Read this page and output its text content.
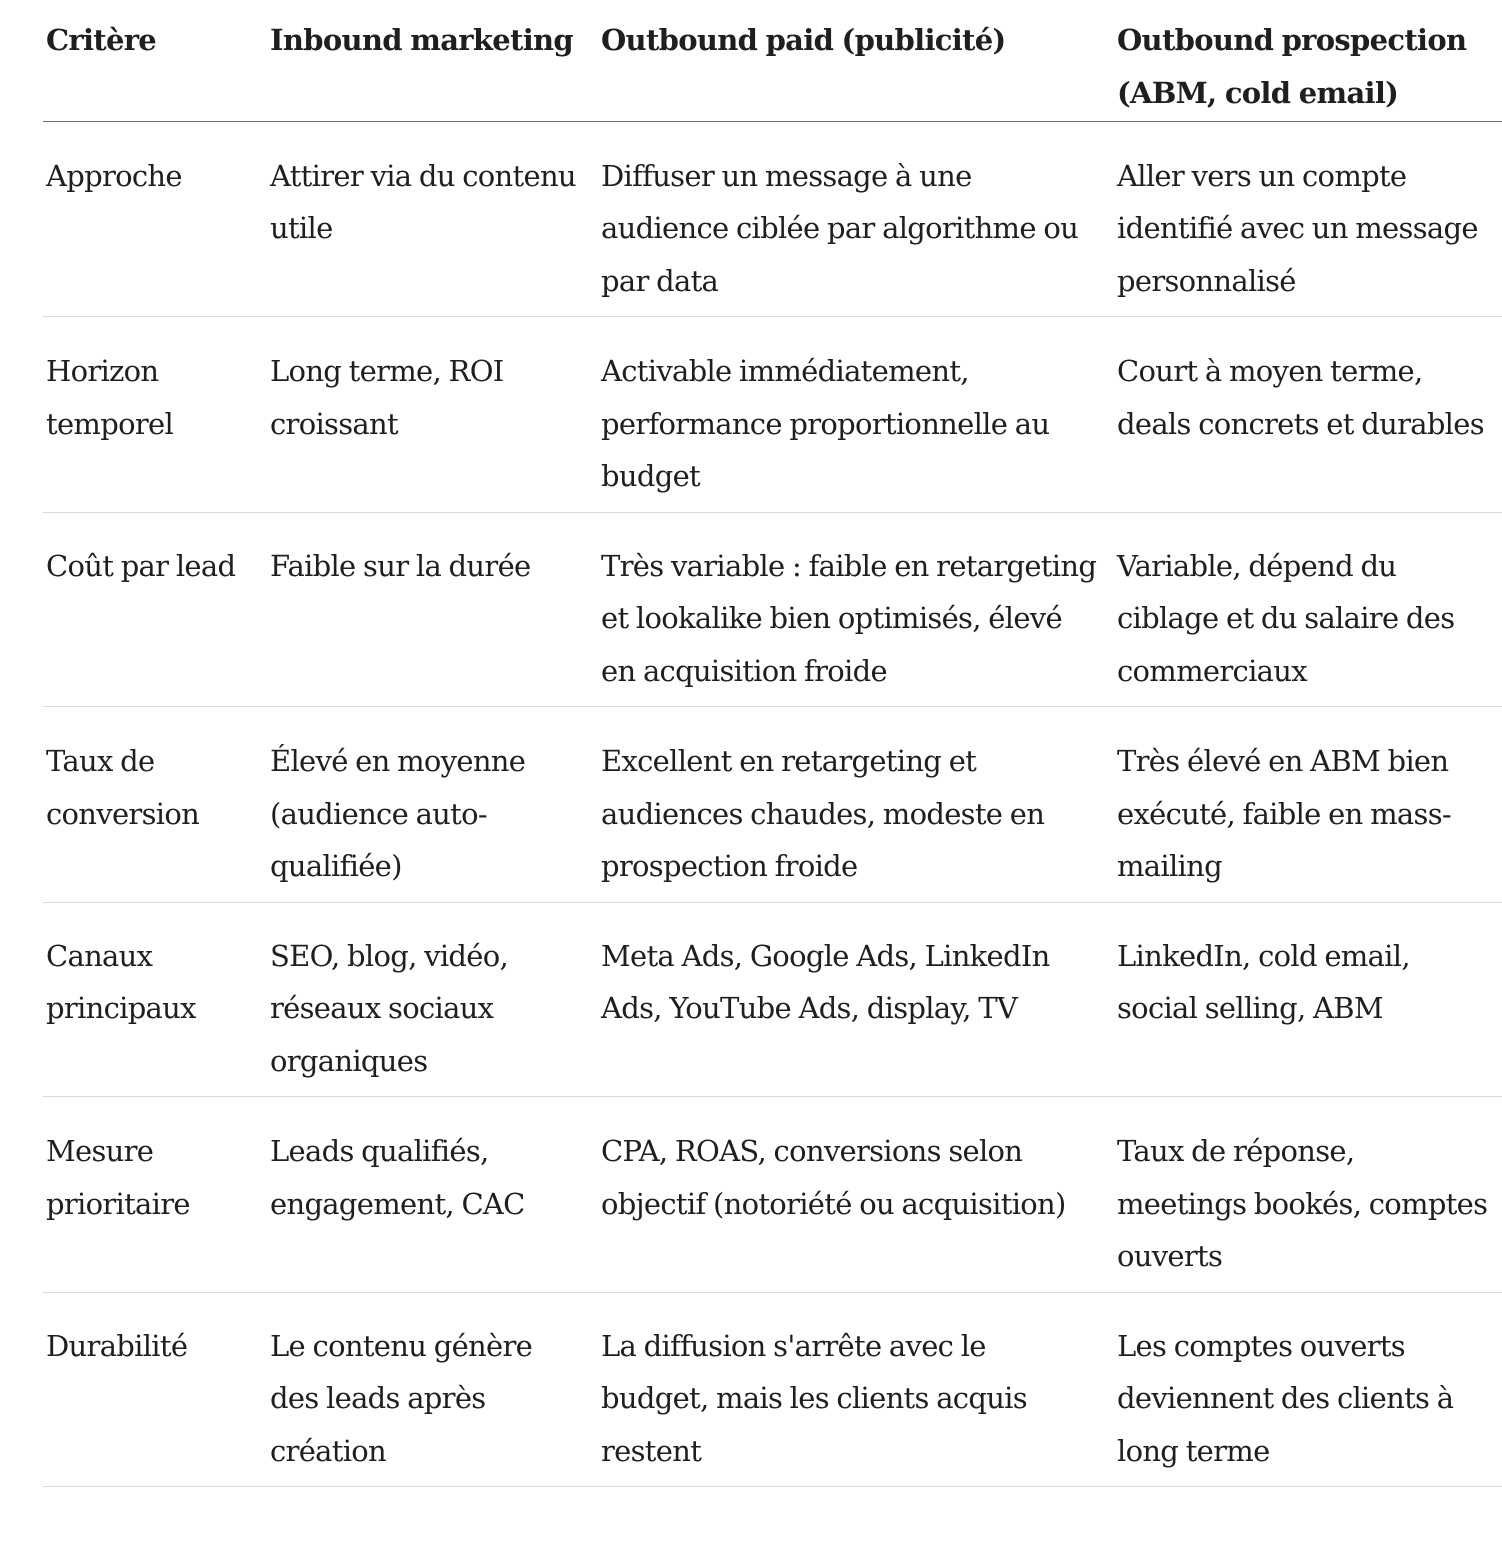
Critère	Inbound marketing	Outbound paid (publicité)	Outbound prospection (ABM, cold email)
Approche	Attirer via du contenu utile	Diffuser un message à une audience ciblée par algorithme ou par data	Aller vers un compte identifié avec un message personnalisé
Horizon temporel	Long terme, ROI croissant	Activable immédiatement, performance proportionnelle au budget	Court à moyen terme, deals concrets et durables
Coût par lead	Faible sur la durée	Très variable : faible en retargeting et lookalike bien optimisés, élevé en acquisition froide	Variable, dépend du ciblage et du salaire des commerciaux
Taux de conversion	Élevé en moyenne (audience auto-qualifiée)	Excellent en retargeting et audiences chaudes, modeste en prospection froide	Très élevé en ABM bien exécuté, faible en mass-mailing
Canaux principaux	SEO, blog, vidéo, réseaux sociaux organiques	Meta Ads, Google Ads, LinkedIn Ads, YouTube Ads, display, TV	LinkedIn, cold email, social selling, ABM
Mesure prioritaire	Leads qualifiés, engagement, CAC	CPA, ROAS, conversions selon objectif (notoriété ou acquisition)	Taux de réponse, meetings bookés, comptes ouverts
Durabilité	Le contenu génère des leads après création	La diffusion s'arrête avec le budget, mais les clients acquis restent	Les comptes ouverts deviennent des clients à long terme
